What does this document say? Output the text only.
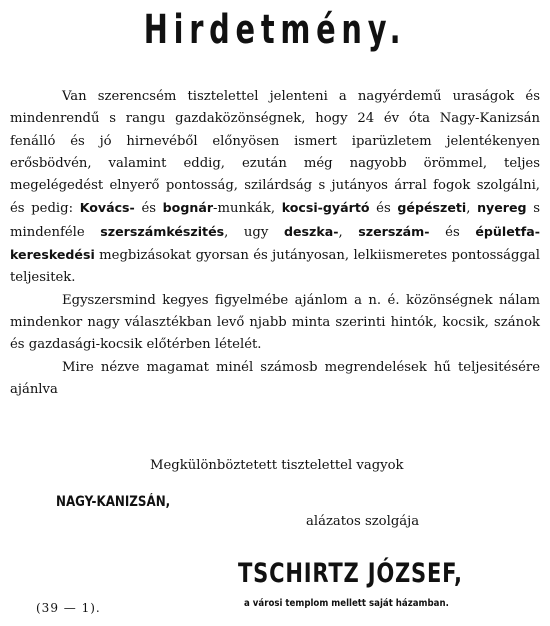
Hirdetmény.

Van szerencsém tisztelettel jelenteni a nagyérdemű uraságok és mindenrendű s rangu gazdaközönségnek, hogy 24 év óta Nagy-Kanizsán fenálló és jó hirnevéből előnyösen ismert iparüzletem jelentékenyen erősbödvén, valamint eddig, ezután még nagyobb örömmel, teljes megelégedést elnyerő pontosság, szilárdság s jutányos árral fogok szolgálni, és pedig: Kovács- és bognár-munkák, kocsi-gyártó és gépészeti, nyereg s mindenféle szerszámkészités, ugy deszka-, szerszám- és épületfa-kereskedési megbizásokat gyorsan és jutányosan, lelkiismeretes pontossággal teljesitek.

Egyszersmind kegyes figyelmébe ajánlom a n. é. közönségnek nálam mindenkor nagy választékban levő njabb minta szerinti hintók, kocsik, szánok és gazdasági-kocsik előtérben lételét.

Mire nézve magamat minél számosb megrendelések hű teljesitésére ajánlva

Megkülönböztetett tisztelettel vagyok
NAGY-KANIZSÁN,
alázatos szolgája
TSCHIRTZ JÓZSEF,
a városi templom mellett saját házamban.
(39 — 1).
